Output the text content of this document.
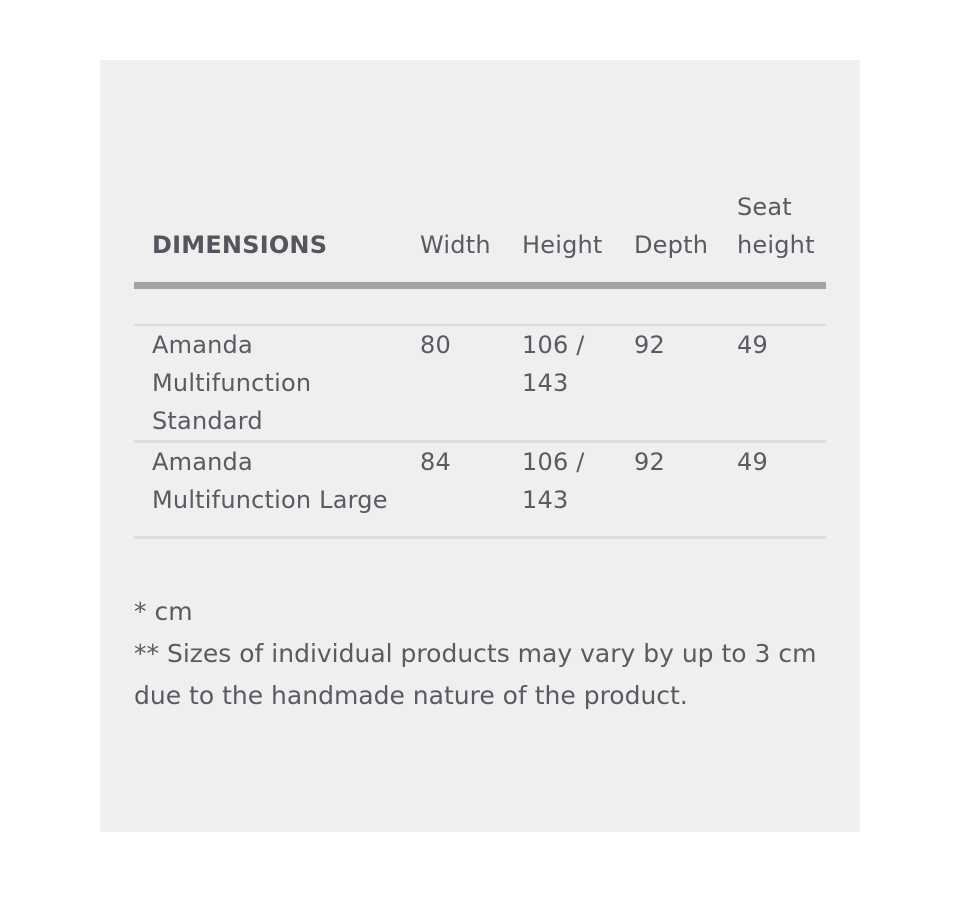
DIMENSIONS	Width	Height	Depth	Seat height

Amanda Multifunction Standard	80	106 / 143	92	49
Amanda Multifunction Large	84	106 / 143	92	49

* cm

** Sizes of individual products may vary by up to 3 cm due to the handmade nature of the product.
